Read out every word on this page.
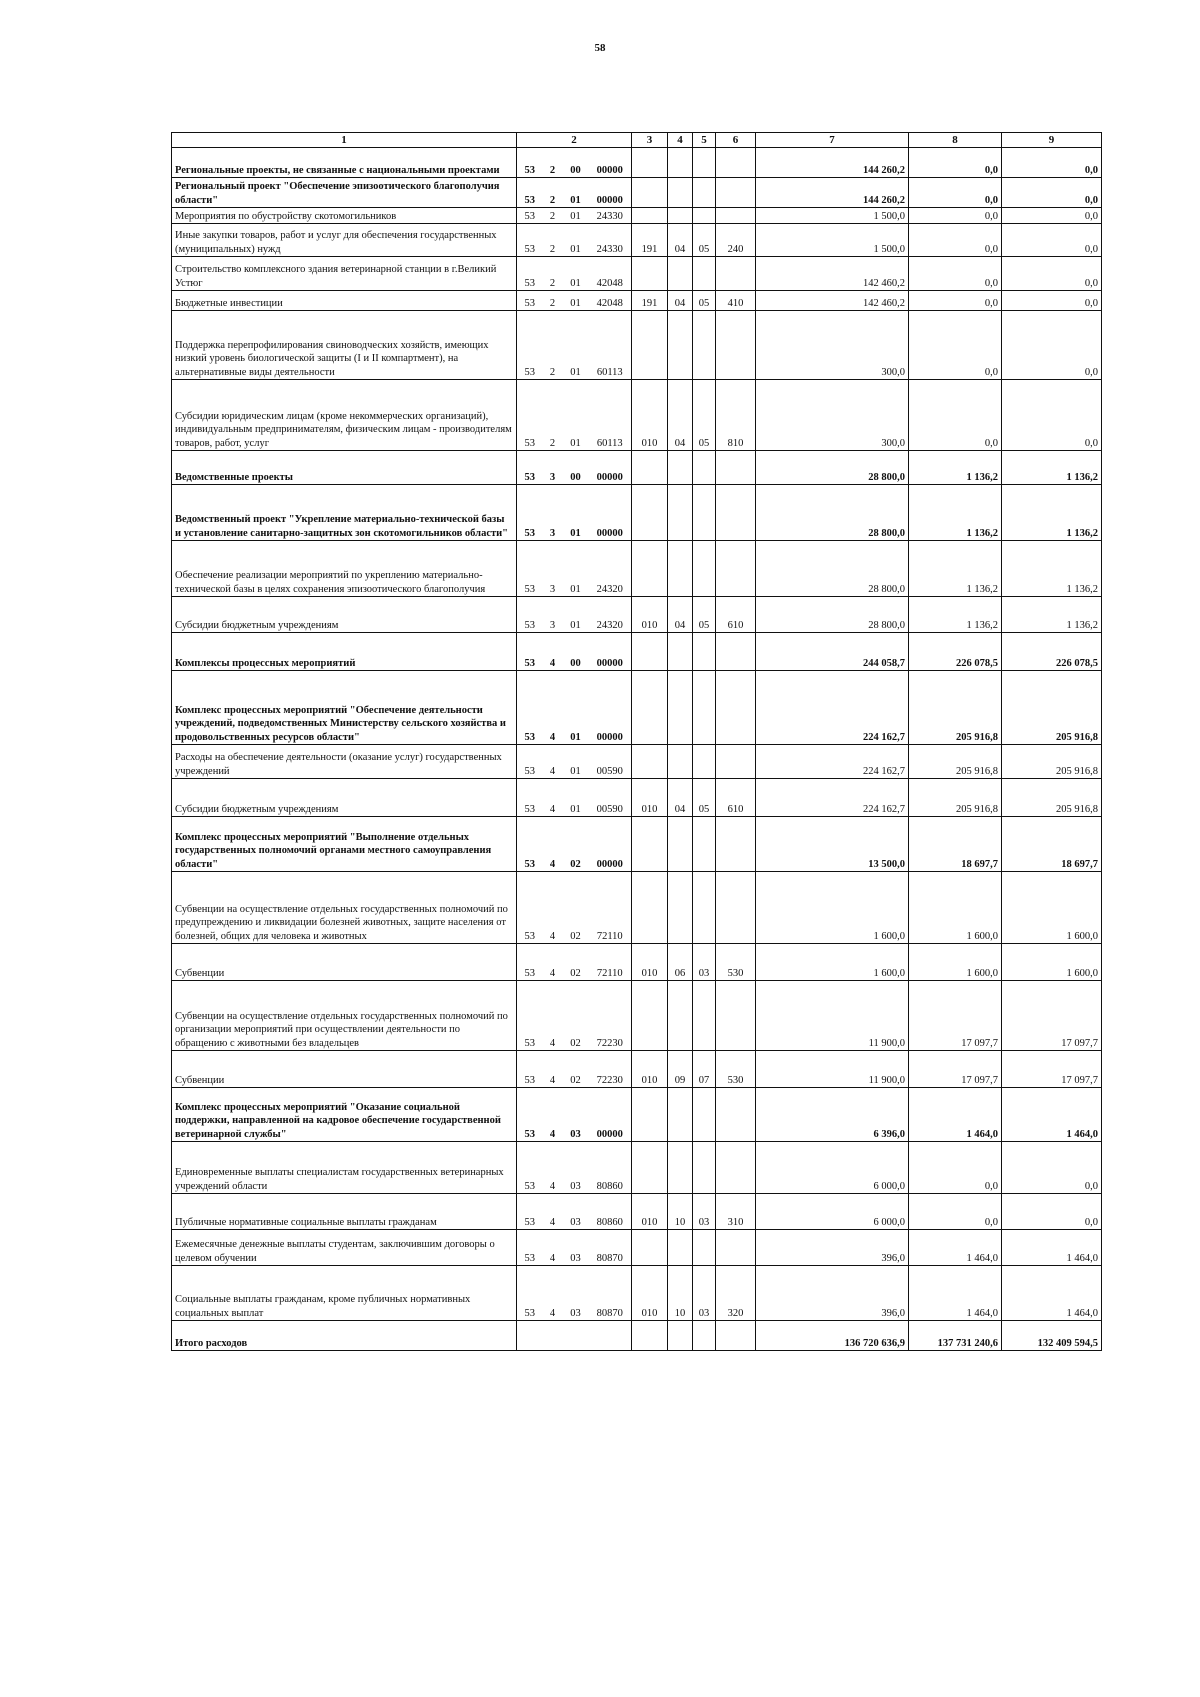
58
1	2				3	4	5	6	7	8	9
Региональные проекты, не связанные с национальными проектами	53	2	00	00000					144 260,2	0,0	0,0
Региональный проект "Обеспечение эпизоотического благополучия области"	53	2	01	00000					144 260,2	0,0	0,0
Мероприятия по обустройству скотомогильников	53	2	01	24330					1 500,0	0,0	0,0
Иные закупки товаров, работ и услуг для обеспечения государственных (муниципальных) нужд	53	2	01	24330	191	04	05	240	1 500,0	0,0	0,0
Строительство комплексного здания ветеринарной станции в г.Великий Устюг	53	2	01	42048					142 460,2	0,0	0,0
Бюджетные инвестиции	53	2	01	42048	191	04	05	410	142 460,2	0,0	0,0
Поддержка перепрофилирования свиноводческих хозяйств, имеющих низкий уровень биологической защиты (I и II компартмент), на альтернативные виды деятельности	53	2	01	60113					300,0	0,0	0,0
Субсидии юридическим лицам (кроме некоммерческих организаций), индивидуальным предпринимателям, физическим лицам - производителям товаров, работ, услуг	53	2	01	60113	010	04	05	810	300,0	0,0	0,0
Ведомственные проекты	53	3	00	00000					28 800,0	1 136,2	1 136,2
Ведомственный проект "Укрепление материально-технической базы и установление санитарно-защитных зон скотомогильников области"	53	3	01	00000					28 800,0	1 136,2	1 136,2
Обеспечение реализации мероприятий по укреплению материально-технической базы в целях сохранения эпизоотического благополучия	53	3	01	24320					28 800,0	1 136,2	1 136,2
Субсидии бюджетным учреждениям	53	3	01	24320	010	04	05	610	28 800,0	1 136,2	1 136,2
Комплексы процессных мероприятий	53	4	00	00000					244 058,7	226 078,5	226 078,5
Комплекс процессных мероприятий "Обеспечение деятельности учреждений, подведомственных Министерству сельского хозяйства и продовольственных ресурсов области"	53	4	01	00000					224 162,7	205 916,8	205 916,8
Расходы на обеспечение деятельности (оказание услуг) государственных учреждений	53	4	01	00590					224 162,7	205 916,8	205 916,8
Субсидии бюджетным учреждениям	53	4	01	00590	010	04	05	610	224 162,7	205 916,8	205 916,8
Комплекс процессных мероприятий "Выполнение отдельных государственных полномочий органами местного самоуправления области"	53	4	02	00000					13 500,0	18 697,7	18 697,7
Субвенции на осуществление отдельных государственных полномочий по предупреждению и ликвидации болезней животных, защите населения от болезней, общих для человека и животных	53	4	02	72110					1 600,0	1 600,0	1 600,0
Субвенции	53	4	02	72110	010	06	03	530	1 600,0	1 600,0	1 600,0
Субвенции на осуществление отдельных государственных полномочий по организации мероприятий при осуществлении деятельности по обращению с животными без владельцев	53	4	02	72230					11 900,0	17 097,7	17 097,7
Субвенции	53	4	02	72230	010	09	07	530	11 900,0	17 097,7	17 097,7
Комплекс процессных мероприятий "Оказание социальной поддержки, направленной на кадровое обеспечение государственной ветеринарной службы"	53	4	03	00000					6 396,0	1 464,0	1 464,0
Единовременные выплаты специалистам государственных ветеринарных учреждений области	53	4	03	80860					6 000,0	0,0	0,0
Публичные нормативные социальные выплаты гражданам	53	4	03	80860	010	10	03	310	6 000,0	0,0	0,0
Ежемесячные денежные выплаты студентам, заключившим договоры о целевом обучении	53	4	03	80870					396,0	1 464,0	1 464,0
Социальные выплаты гражданам, кроме публичных нормативных социальных выплат	53	4	03	80870	010	10	03	320	396,0	1 464,0	1 464,0
Итого расходов									136 720 636,9	137 731 240,6	132 409 594,5
